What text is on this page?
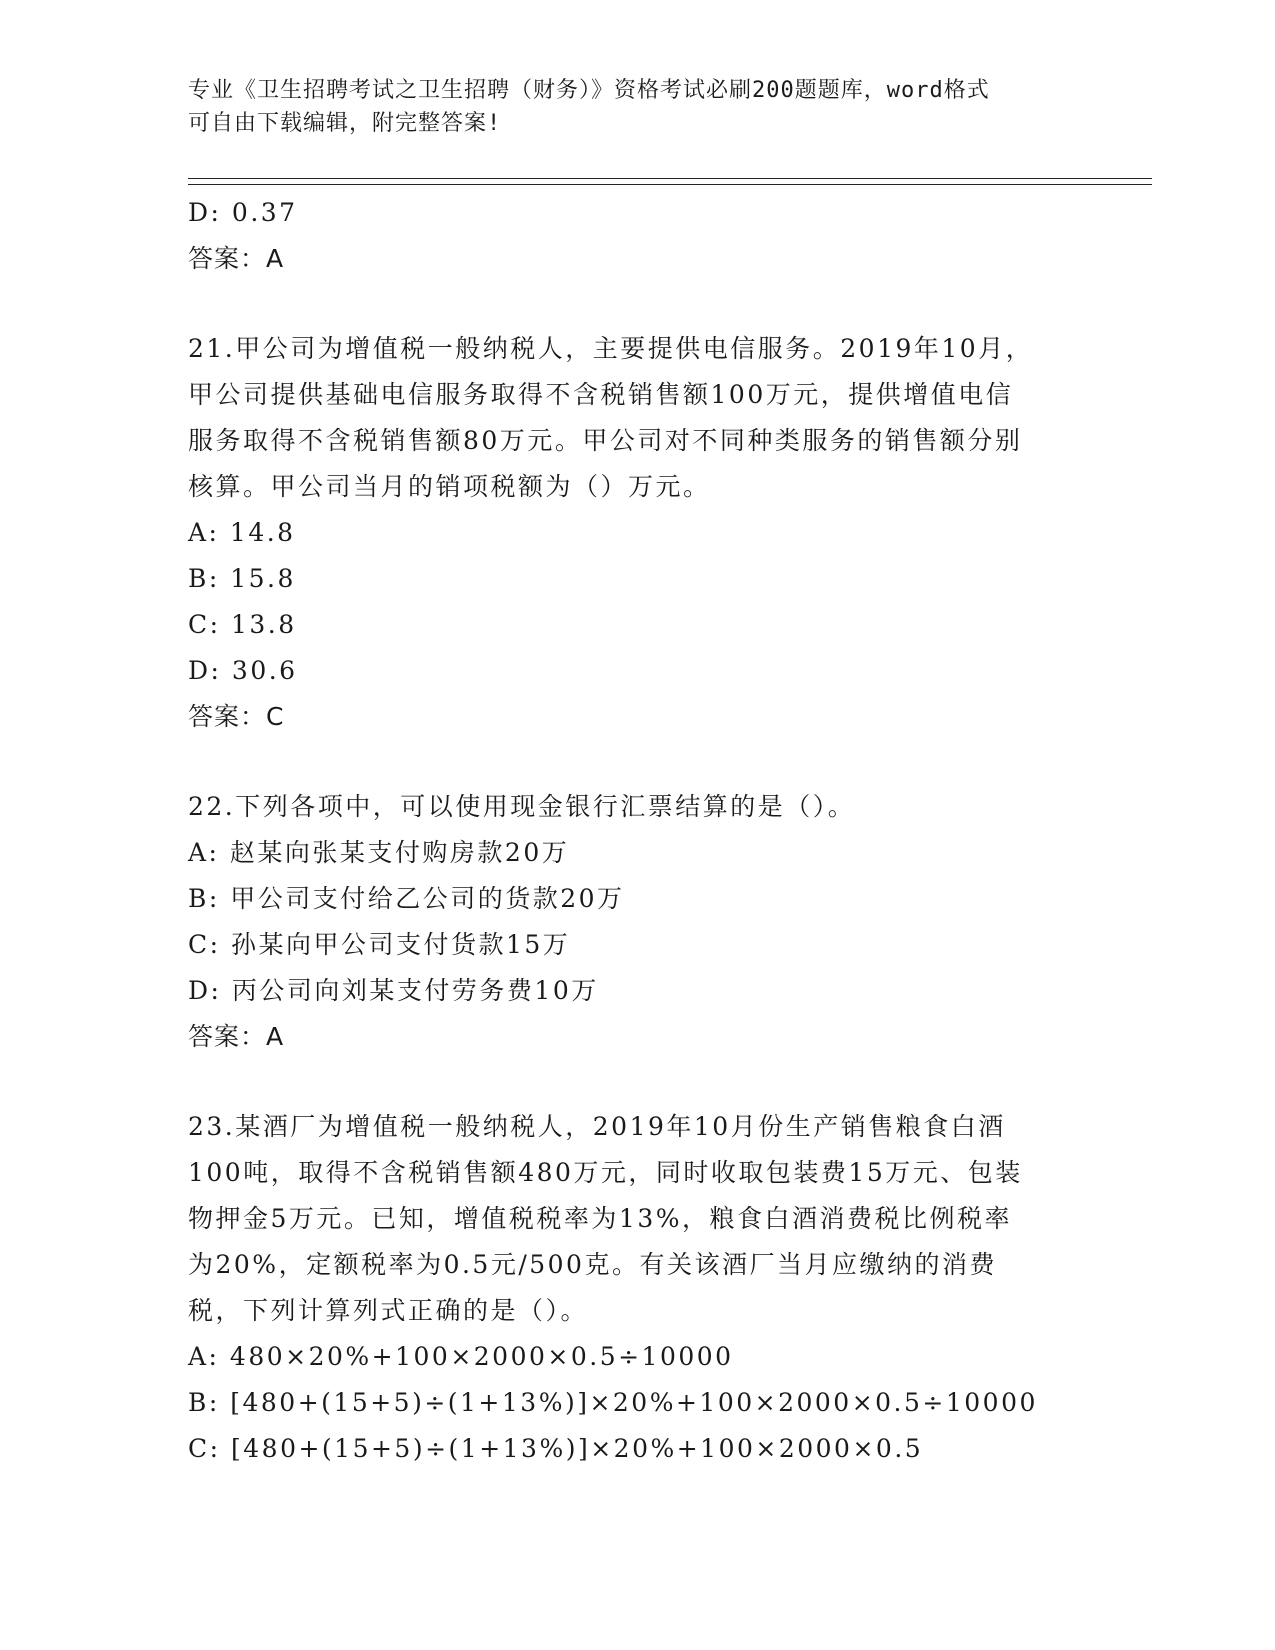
专业《卫生招聘考试之卫生招聘（财务）》资格考试必刷200题题库，word格式
可自由下载编辑，附完整答案!
D: 0.37
答案：A
21.甲公司为增值税一般纳税人，主要提供电信服务。2019年10月，
甲公司提供基础电信服务取得不含税销售额100万元，提供增值电信
服务取得不含税销售额80万元。甲公司对不同种类服务的销售额分别
核算。甲公司当月的销项税额为（）万元。
A: 14.8
B: 15.8
C: 13.8
D: 30.6
答案：C
22.下列各项中，可以使用现金银行汇票结算的是（）。
A: 赵某向张某支付购房款20万
B: 甲公司支付给乙公司的货款20万
C: 孙某向甲公司支付货款15万
D: 丙公司向刘某支付劳务费10万
答案：A
23.某酒厂为增值税一般纳税人，2019年10月份生产销售粮食白酒
100吨，取得不含税销售额480万元，同时收取包装费15万元、包装
物押金5万元。已知，增值税税率为13%，粮食白酒消费税比例税率
为20%，定额税率为0.5元/500克。有关该酒厂当月应缴纳的消费
税，下列计算列式正确的是（）。
A: 480×20%+100×2000×0.5÷10000
B: [480+(15+5)÷(1+13%)]×20%+100×2000×0.5÷10000
C: [480+(15+5)÷(1+13%)]×20%+100×2000×0.5
